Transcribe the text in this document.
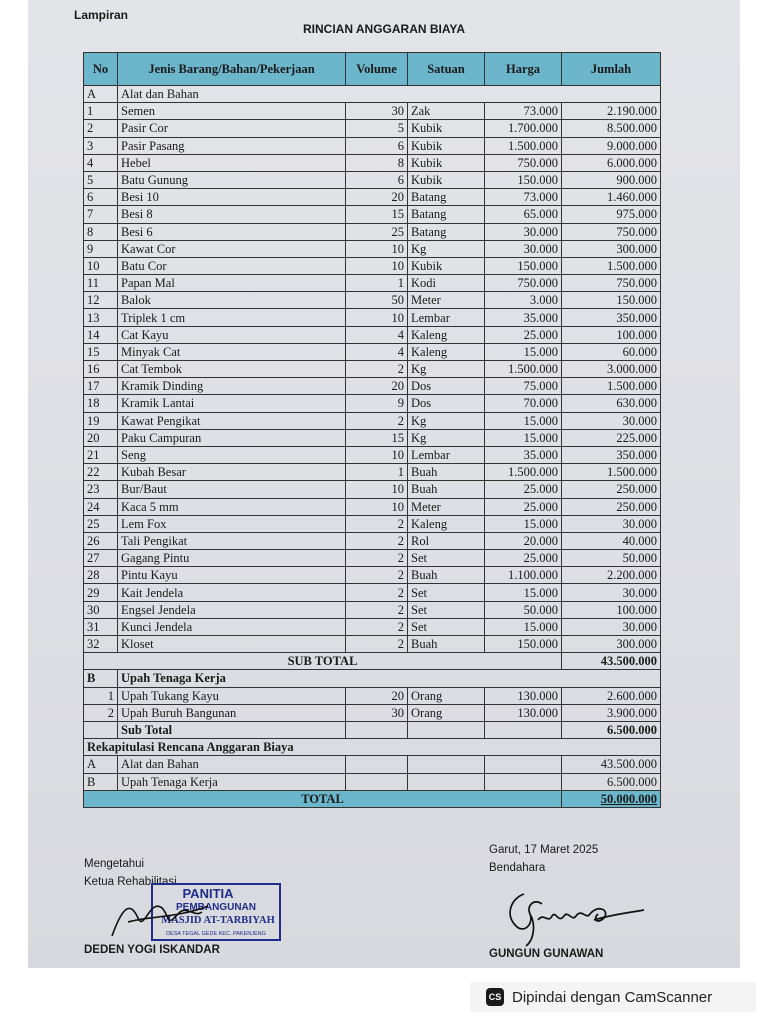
Lampiran
RINCIAN ANGGARAN BIAYA
No	Jenis Barang/Bahan/Pekerjaan	Volume	Satuan	Harga	Jumlah
A	Alat dan Bahan				
1	Semen	30	Zak	73.000	2.190.000
2	Pasir Cor	5	Kubik	1.700.000	8.500.000
3	Pasir Pasang	6	Kubik	1.500.000	9.000.000
4	Hebel	8	Kubik	750.000	6.000.000
5	Batu Gunung	6	Kubik	150.000	900.000
6	Besi 10	20	Batang	73.000	1.460.000
7	Besi 8	15	Batang	65.000	975.000
8	Besi 6	25	Batang	30.000	750.000
9	Kawat Cor	10	Kg	30.000	300.000
10	Batu Cor	10	Kubik	150.000	1.500.000
11	Papan Mal	1	Kodi	750.000	750.000
12	Balok	50	Meter	3.000	150.000
13	Triplek 1 cm	10	Lembar	35.000	350.000
14	Cat Kayu	4	Kaleng	25.000	100.000
15	Minyak Cat	4	Kaleng	15.000	60.000
16	Cat Tembok	2	Kg	1.500.000	3.000.000
17	Kramik Dinding	20	Dos	75.000	1.500.000
18	Kramik Lantai	9	Dos	70.000	630.000
19	Kawat Pengikat	2	Kg	15.000	30.000
20	Paku Campuran	15	Kg	15.000	225.000
21	Seng	10	Lembar	35.000	350.000
22	Kubah Besar	1	Buah	1.500.000	1.500.000
23	Bur/Baut	10	Buah	25.000	250.000
24	Kaca 5 mm	10	Meter	25.000	250.000
25	Lem Fox	2	Kaleng	15.000	30.000
26	Tali Pengikat	2	Rol	20.000	40.000
27	Gagang Pintu	2	Set	25.000	50.000
28	Pintu Kayu	2	Buah	1.100.000	2.200.000
29	Kait Jendela	2	Set	15.000	30.000
30	Engsel Jendela	2	Set	50.000	100.000
31	Kunci Jendela	2	Set	15.000	30.000
32	Kloset	2	Buah	150.000	300.000
SUB TOTAL					43.500.000
B	Upah Tenaga Kerja				
1	Upah Tukang Kayu	20	Orang	130.000	2.600.000
2	Upah Buruh Bangunan	30	Orang	130.000	3.900.000
	Sub Total				6.500.000
Rekapitulasi Rencana Anggaran Biaya					
A	Alat dan Bahan				43.500.000
B	Upah Tenaga Kerja				6.500.000
TOTAL					50.000.000
Mengetahui
Ketua Rehabilitasi
PANITIA
PEMBANGUNAN
MASJID AT-TARBIYAH
DESA TEGAL GEDE KEC. PAKENJENG
DEDEN YOGI ISKANDAR
Garut, 17 Maret 2025
Bendahara
GUNGUN GUNAWAN
CS Dipindai dengan CamScanner
